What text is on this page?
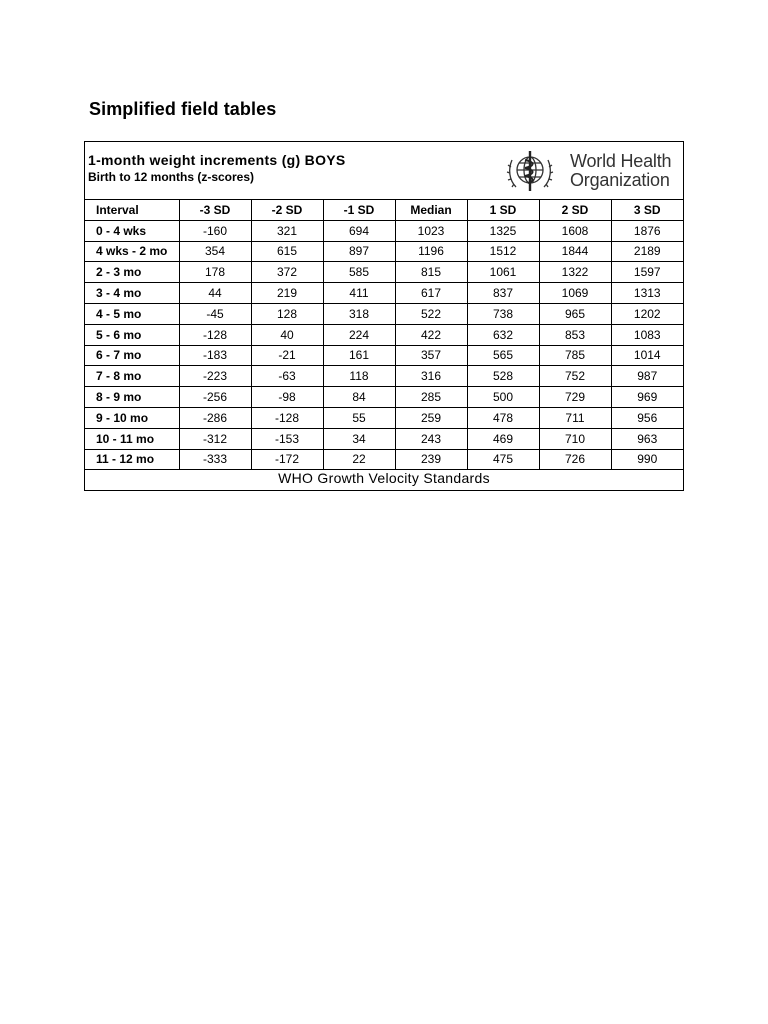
Simplified field tables
1-month weight increments (g) BOYS
Birth to 12 months (z-scores)
World Health
Organization
Interval	-3 SD	-2 SD	-1 SD	Median	1 SD	2 SD	3 SD
0 - 4 wks	-160	321	694	1023	1325	1608	1876
4 wks - 2 mo	354	615	897	1196	1512	1844	2189
2 - 3 mo	178	372	585	815	1061	1322	1597
3 - 4 mo	44	219	411	617	837	1069	1313
4 - 5 mo	-45	128	318	522	738	965	1202
5 - 6 mo	-128	40	224	422	632	853	1083
6 - 7 mo	-183	-21	161	357	565	785	1014
7 - 8 mo	-223	-63	118	316	528	752	987
8 - 9 mo	-256	-98	84	285	500	729	969
9 - 10 mo	-286	-128	55	259	478	711	956
10 - 11 mo	-312	-153	34	243	469	710	963
11 - 12 mo	-333	-172	22	239	475	726	990
WHO Growth Velocity Standards
